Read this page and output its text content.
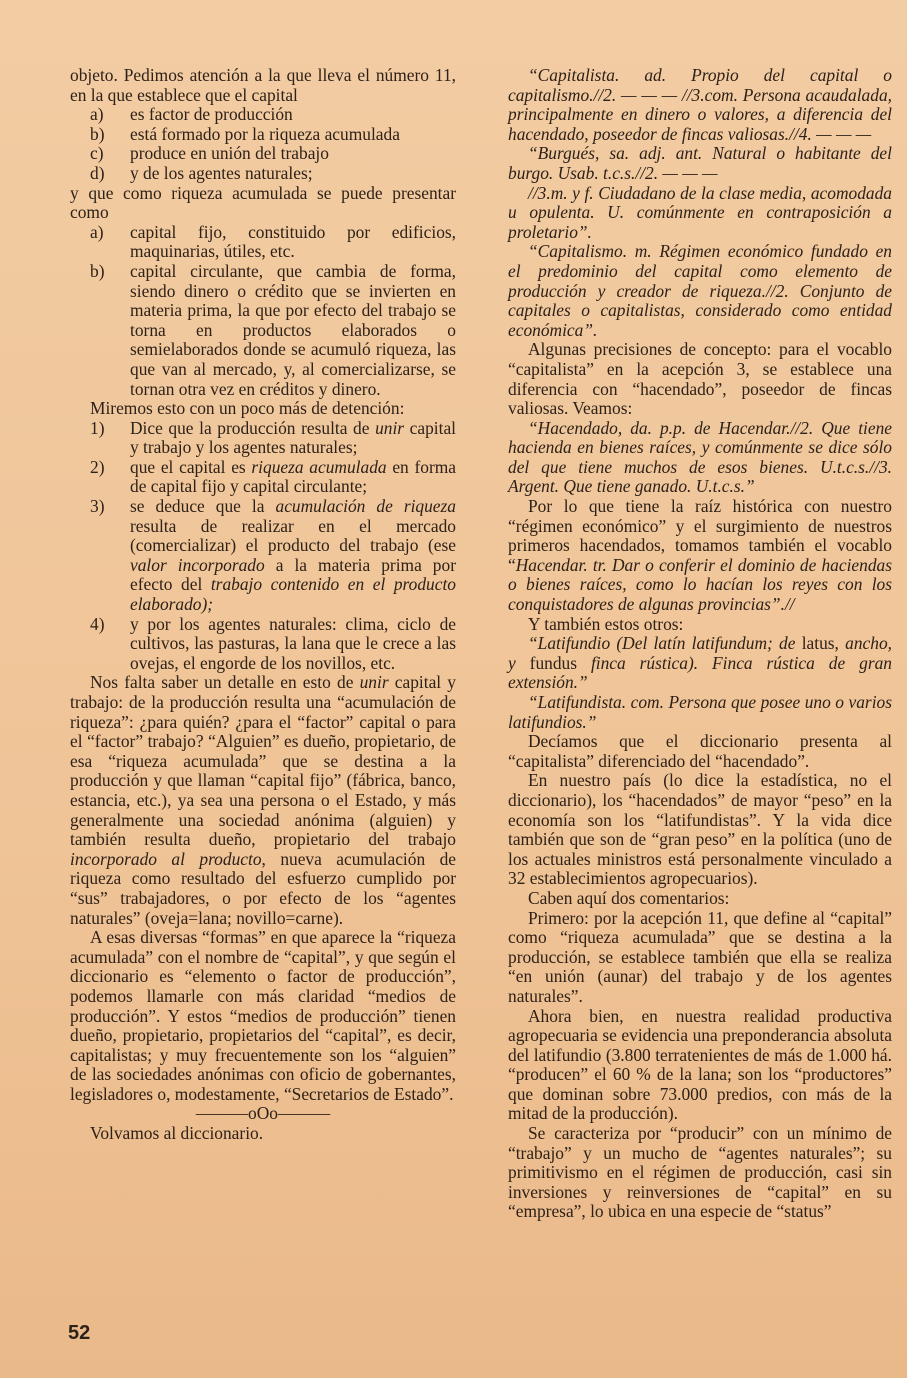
objeto. Pedimos atención a la que lleva el número 11, en la que establece que el capital

a) es factor de producción

b) está formado por la riqueza acumulada

c) produce en unión del trabajo

d) y de los agentes naturales;

y que como riqueza acumulada se puede presentar como

a) capital fijo, constituido por edificios, maquinarias, útiles, etc.

b) capital circulante, que cambia de forma, siendo dinero o crédito que se invierten en materia prima, la que por efecto del trabajo se torna en productos elaborados o semielaborados donde se acumuló riqueza, las que van al mercado, y, al comercializarse, se tornan otra vez en créditos y dinero.

Miremos esto con un poco más de detención:

1) Dice que la producción resulta de unir capital y trabajo y los agentes naturales;

2) que el capital es riqueza acumulada en forma de capital fijo y capital circulante;

3) se deduce que la acumulación de riqueza resulta de realizar en el mercado (comercializar) el producto del trabajo (ese valor incorporado a la materia prima por efecto del trabajo contenido en el producto elaborado);

4) y por los agentes naturales: clima, ciclo de cultivos, las pasturas, la lana que le crece a las ovejas, el engorde de los novillos, etc.

Nos falta saber un detalle en esto de unir capital y trabajo: de la producción resulta una “acumulación de riqueza”: ¿para quién? ¿para el “factor” capital o para el “factor” trabajo? “Alguien” es dueño, propietario, de esa “riqueza acumulada” que se destina a la producción y que llaman “capital fijo” (fábrica, banco, estancia, etc.), ya sea una persona o el Estado, y más generalmente una sociedad anónima (alguien) y también resulta dueño, propietario del trabajo incorporado al producto, nueva acumulación de riqueza como resultado del esfuerzo cumplido por “sus” trabajadores, o por efecto de los “agentes naturales” (oveja=lana; novillo=carne).

A esas diversas “formas” en que aparece la “riqueza acumulada” con el nombre de “capital”, y que según el diccionario es “elemento o factor de producción”, podemos llamarle con más claridad “medios de producción”. Y estos “medios de producción” tienen dueño, propietario, propietarios del “capital”, es decir, capitalistas; y muy frecuentemente son los “alguien” de las sociedades anónimas con oficio de gobernantes, legisladores o, modestamente, “Secretarios de Estado”.

———oOo———

Volvamos al diccionario.

“Capitalista. ad. Propio del capital o capitalismo.//2. — — — //3.com. Persona acaudalada, principalmente en dinero o valores, a diferencia del hacendado, poseedor de fincas valiosas.//4. — — —

“Burgués, sa. adj. ant. Natural o habitante del burgo. Usab. t.c.s.//2. — — —

//3.m. y f. Ciudadano de la clase media, acomodada u opulenta. U. comúnmente en contraposición a proletario”.

“Capitalismo. m. Régimen económico fundado en el predominio del capital como elemento de producción y creador de riqueza.//2. Conjunto de capitales o capitalistas, considerado como entidad económica”.

Algunas precisiones de concepto: para el vocablo “capitalista” en la acepción 3, se establece una diferencia con “hacendado”, poseedor de fincas valiosas. Veamos:

“Hacendado, da. p.p. de Hacendar.//2. Que tiene hacienda en bienes raíces, y comúnmente se dice sólo del que tiene muchos de esos bienes. U.t.c.s.//3. Argent. Que tiene ganado. U.t.c.s.”

Por lo que tiene la raíz histórica con nuestro “régimen económico” y el surgimiento de nuestros primeros hacendados, tomamos también el vocablo “Hacendar. tr. Dar o conferir el dominio de haciendas o bienes raíces, como lo hacían los reyes con los conquistadores de algunas provincias”.//

Y también estos otros:

“Latifundio (Del latín latifundum; de latus, ancho, y fundus finca rústica). Finca rústica de gran extensión.”

“Latifundista. com. Persona que posee uno o varios latifundios.”

Decíamos que el diccionario presenta al “capitalista” diferenciado del “hacendado”.

En nuestro país (lo dice la estadística, no el diccionario), los “hacendados” de mayor “peso” en la economía son los “latifundistas”. Y la vida dice también que son de “gran peso” en la política (uno de los actuales ministros está personalmente vinculado a 32 establecimientos agropecuarios).

Caben aquí dos comentarios:

Primero: por la acepción 11, que define al “capital” como “riqueza acumulada” que se destina a la producción, se establece también que ella se realiza “en unión (aunar) del trabajo y de los agentes naturales”.

Ahora bien, en nuestra realidad productiva agropecuaria se evidencia una preponderancia absoluta del latifundio (3.800 terratenientes de más de 1.000 há. “producen” el 60 % de la lana; son los “productores” que dominan sobre 73.000 predios, con más de la mitad de la producción).

Se caracteriza por “producir” con un mínimo de “trabajo” y un mucho de “agentes naturales”; su primitivismo en el régimen de producción, casi sin inversiones y reinversiones de “capital” en su “empresa”, lo ubica en una especie de “status”

52
